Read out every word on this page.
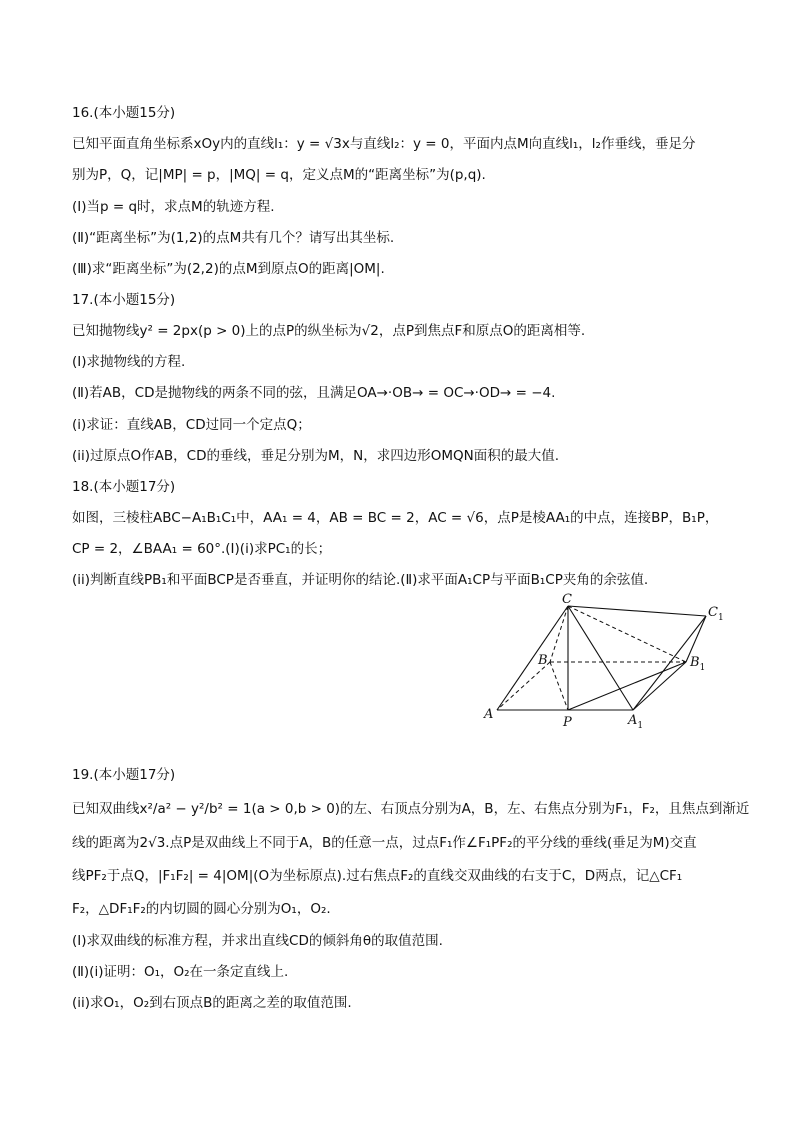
16.(本小题15分)
已知平面直角坐标系xOy内的直线l₁：y = √3x与直线l₂：y = 0，平面内点M向直线l₁，l₂作垂线，垂足分
别为P，Q，记|MP| = p，|MQ| = q，定义点M的“距离坐标”为(p,q).
(Ⅰ)当p = q时，求点M的轨迹方程.
(Ⅱ)“距离坐标”为(1,2)的点M共有几个？请写出其坐标.
(Ⅲ)求“距离坐标”为(2,2)的点M到原点O的距离|OM|.
17.(本小题15分)
已知抛物线y² = 2px(p > 0)上的点P的纵坐标为√2，点P到焦点F和原点O的距离相等.
(Ⅰ)求抛物线的方程.
(Ⅱ)若AB，CD是抛物线的两条不同的弦，且满足OA→·OB→ = OC→·OD→ = −4.
(i)求证：直线AB，CD过同一个定点Q；
(ii)过原点O作AB，CD的垂线，垂足分别为M，N，求四边形OMQN面积的最大值.
18.(本小题17分)
如图，三棱柱ABC−A₁B₁C₁中，AA₁ = 4，AB = BC = 2，AC = √6，点P是棱AA₁的中点，连接BP，B₁P，
CP = 2，∠BAA₁ = 60°.(Ⅰ)(i)求PC₁的长；
(ii)判断直线PB₁和平面BCP是否垂直，并证明你的结论.(Ⅱ)求平面A₁CP与平面B₁CP夹角的余弦值.
C
$C_1$
B	$B_1$
A
P	$A_1$
19.(本小题17分)
已知双曲线x²/a² − y²/b² = 1(a > 0,b > 0)的左、右顶点分别为A，B，左、右焦点分别为F₁，F₂，且焦点到渐近
线的距离为2√3.点P是双曲线上不同于A，B的任意一点，过点F₁作∠F₁PF₂的平分线的垂线(垂足为M)交直
线PF₂于点Q，|F₁F₂| = 4|OM|(O为坐标原点).过右焦点F₂的直线交双曲线的右支于C，D两点，记△CF₁
F₂，△DF₁F₂的内切圆的圆心分别为O₁，O₂.
(Ⅰ)求双曲线的标准方程，并求出直线CD的倾斜角θ的取值范围.
(Ⅱ)(i)证明：O₁，O₂在一条定直线上.
(ii)求O₁，O₂到右顶点B的距离之差的取值范围.
